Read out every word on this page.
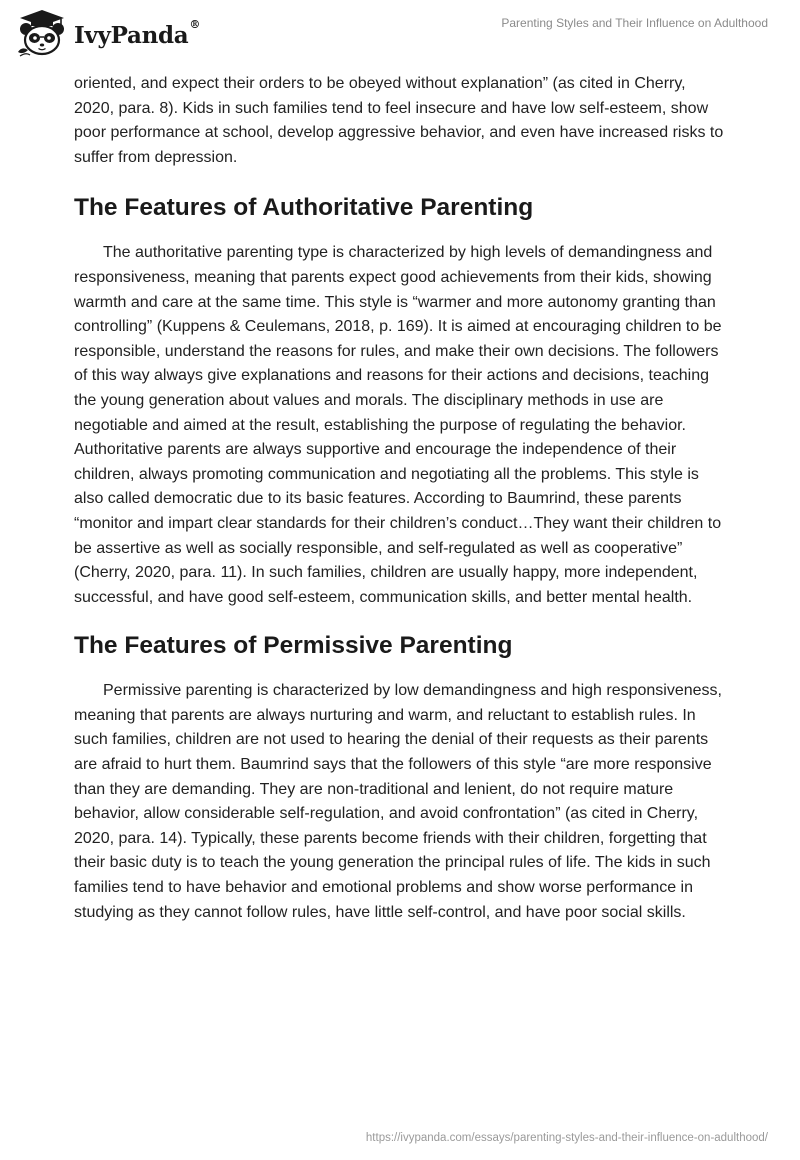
IvyPanda®	Parenting Styles and Their Influence on Adulthood

oriented, and expect their orders to be obeyed without explanation” (as cited in Cherry, 2020, para. 8). Kids in such families tend to feel insecure and have low self-esteem, show poor performance at school, develop aggressive behavior, and even have increased risks to suffer from depression.

The Features of Authoritative Parenting

The authoritative parenting type is characterized by high levels of demandingness and responsiveness, meaning that parents expect good achievements from their kids, showing warmth and care at the same time. This style is “warmer and more autonomy granting than controlling” (Kuppens & Ceulemans, 2018, p. 169). It is aimed at encouraging children to be responsible, understand the reasons for rules, and make their own decisions. The followers of this way always give explanations and reasons for their actions and decisions, teaching the young generation about values and morals. The disciplinary methods in use are negotiable and aimed at the result, establishing the purpose of regulating the behavior. Authoritative parents are always supportive and encourage the independence of their children, always promoting communication and negotiating all the problems. This style is also called democratic due to its basic features. According to Baumrind, these parents “monitor and impart clear standards for their children’s conduct…They want their children to be assertive as well as socially responsible, and self-regulated as well as cooperative” (Cherry, 2020, para. 11). In such families, children are usually happy, more independent, successful, and have good self-esteem, communication skills, and better mental health.

The Features of Permissive Parenting

Permissive parenting is characterized by low demandingness and high responsiveness, meaning that parents are always nurturing and warm, and reluctant to establish rules. In such families, children are not used to hearing the denial of their requests as their parents are afraid to hurt them. Baumrind says that the followers of this style “are more responsive than they are demanding. They are non-traditional and lenient, do not require mature behavior, allow considerable self-regulation, and avoid confrontation” (as cited in Cherry, 2020, para. 14). Typically, these parents become friends with their children, forgetting that their basic duty is to teach the young generation the principal rules of life. The kids in such families tend to have behavior and emotional problems and show worse performance in studying as they cannot follow rules, have little self-control, and have poor social skills.

https://ivypanda.com/essays/parenting-styles-and-their-influence-on-adulthood/
